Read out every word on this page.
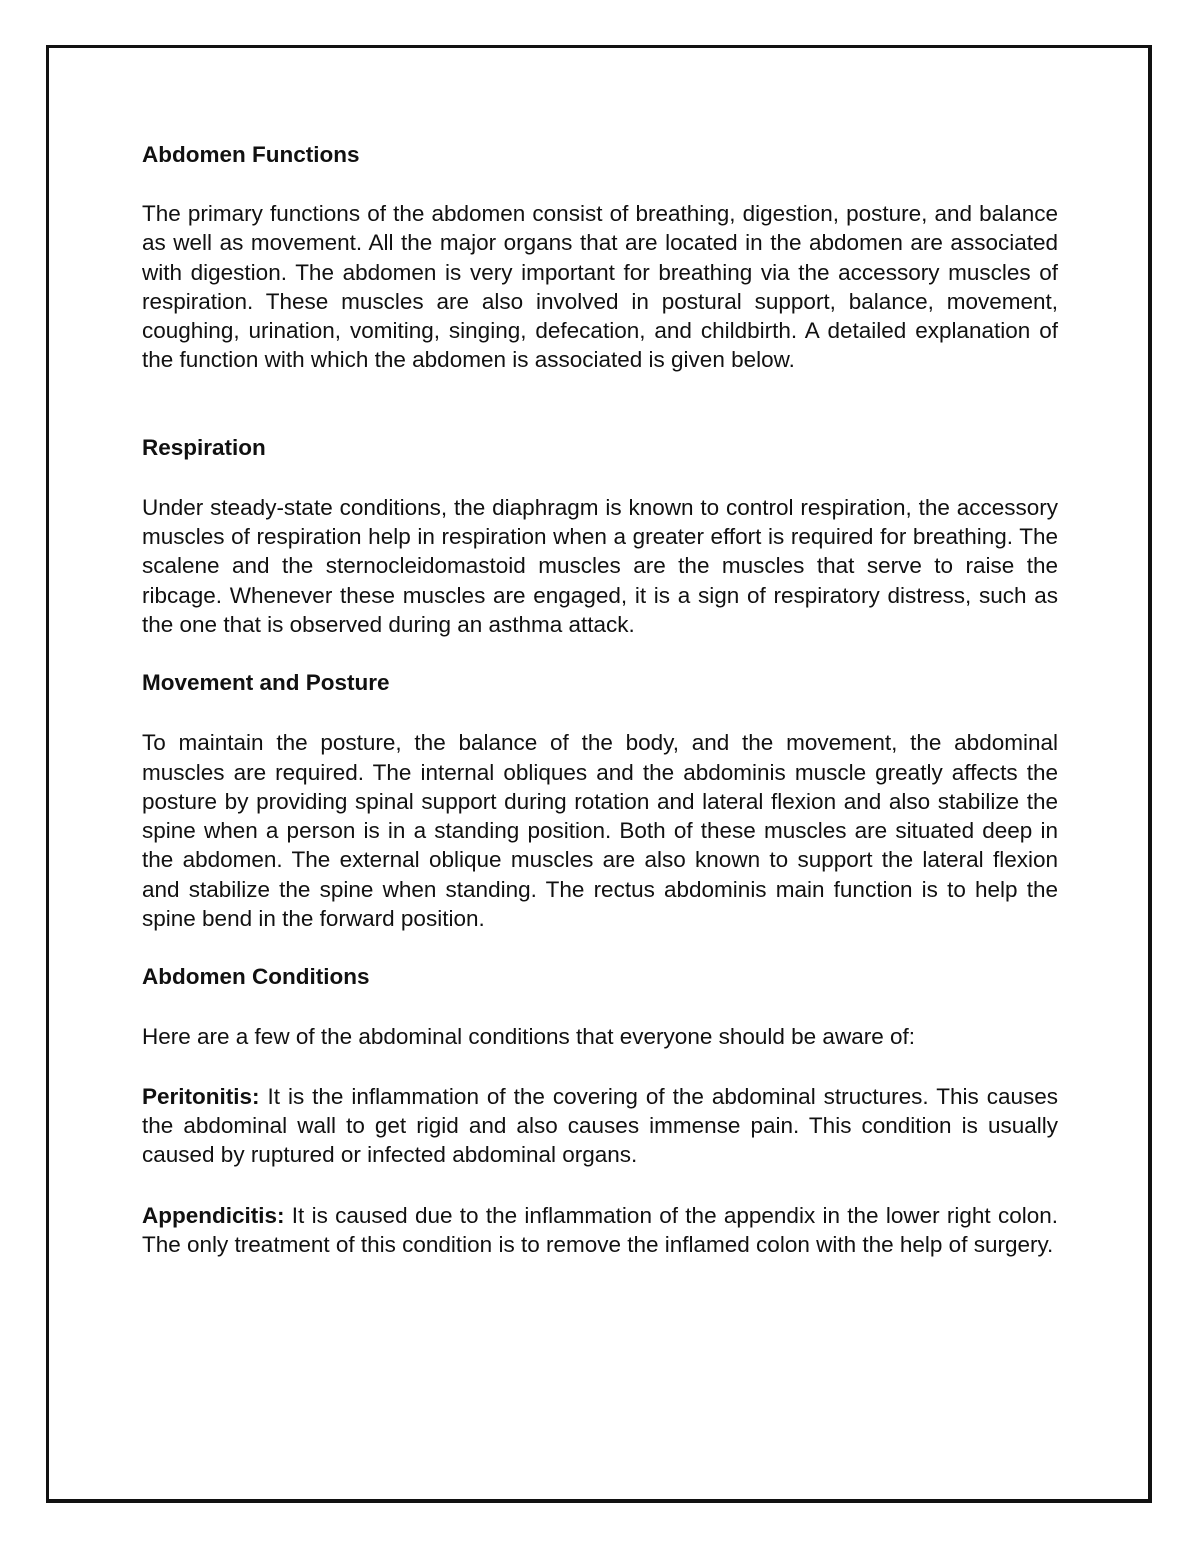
Abdomen Functions

The primary functions of the abdomen consist of breathing, digestion, posture, and balance as well as movement. All the major organs that are located in the abdomen are associated with digestion. The abdomen is very important for breathing via the accessory muscles of respiration. These muscles are also involved in postural support, balance, movement, coughing, urination, vomiting, singing, defecation, and childbirth. A detailed explanation of the function with which the abdomen is associated is given below.

Respiration

Under steady-state conditions, the diaphragm is known to control respiration, the accessory muscles of respiration help in respiration when a greater effort is required for breathing. The scalene and the sternocleidomastoid muscles are the muscles that serve to raise the ribcage. Whenever these muscles are engaged, it is a sign of respiratory distress, such as the one that is observed during an asthma attack.

Movement and Posture

To maintain the posture, the balance of the body, and the movement, the abdominal muscles are required. The internal obliques and the abdominis muscle greatly affects the posture by providing spinal support during rotation and lateral flexion and also stabilize the spine when a person is in a standing position. Both of these muscles are situated deep in the abdomen. The external oblique muscles are also known to support the lateral flexion and stabilize the spine when standing. The rectus abdominis main function is to help the spine bend in the forward position.

Abdomen Conditions

Here are a few of the abdominal conditions that everyone should be aware of:

Peritonitis: It is the inflammation of the covering of the abdominal structures. This causes the abdominal wall to get rigid and also causes immense pain. This condition is usually caused by ruptured or infected abdominal organs.

Appendicitis: It is caused due to the inflammation of the appendix in the lower right colon. The only treatment of this condition is to remove the inflamed colon with the help of surgery.
